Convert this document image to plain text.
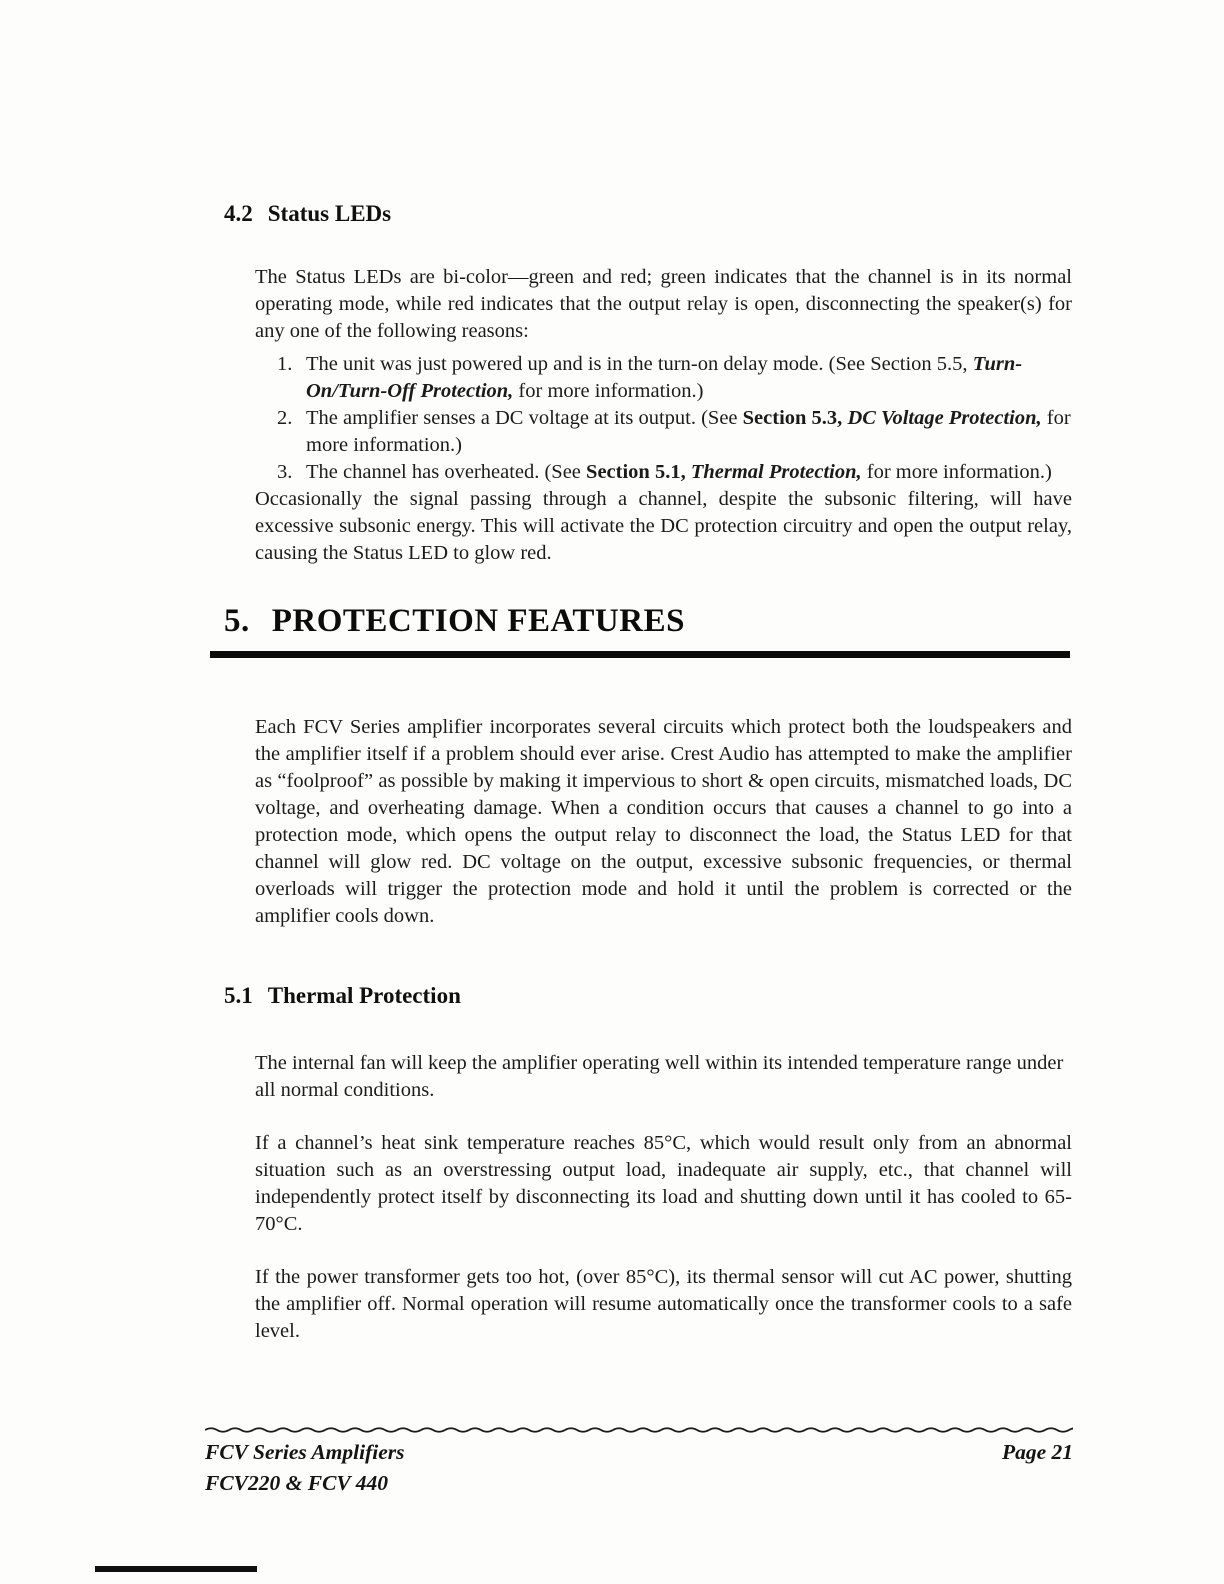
4.2 Status LEDs

The Status LEDs are bi-color—green and red; green indicates that the channel is in its normal operating mode, while red indicates that the output relay is open, disconnecting the speaker(s) for any one of the following reasons:

1. The unit was just powered up and is in the turn-on delay mode. (See Section 5.5, Turn-On/Turn-Off Protection, for more information.)
2. The amplifier senses a DC voltage at its output. (See Section 5.3, DC Voltage Protection, for more information.)
3. The channel has overheated. (See Section 5.1, Thermal Protection, for more information.)

Occasionally the signal passing through a channel, despite the subsonic filtering, will have excessive subsonic energy. This will activate the DC protection circuitry and open the output relay, causing the Status LED to glow red.

5. PROTECTION FEATURES

Each FCV Series amplifier incorporates several circuits which protect both the loudspeakers and the amplifier itself if a problem should ever arise. Crest Audio has attempted to make the amplifier as “foolproof” as possible by making it impervious to short & open circuits, mismatched loads, DC voltage, and overheating damage. When a condition occurs that causes a channel to go into a protection mode, which opens the output relay to disconnect the load, the Status LED for that channel will glow red. DC voltage on the output, excessive subsonic frequencies, or thermal overloads will trigger the protection mode and hold it until the problem is corrected or the amplifier cools down.

5.1 Thermal Protection

The internal fan will keep the amplifier operating well within its intended temperature range under all normal conditions.

If a channel’s heat sink temperature reaches 85°C, which would result only from an abnormal situation such as an overstressing output load, inadequate air supply, etc., that channel will independently protect itself by disconnecting its load and shutting down until it has cooled to 65-70°C.

If the power transformer gets too hot, (over 85°C), its thermal sensor will cut AC power, shutting the amplifier off. Normal operation will resume automatically once the transformer cools to a safe level.

FCV Series Amplifiers
FCV220 & FCV 440
Page 21
